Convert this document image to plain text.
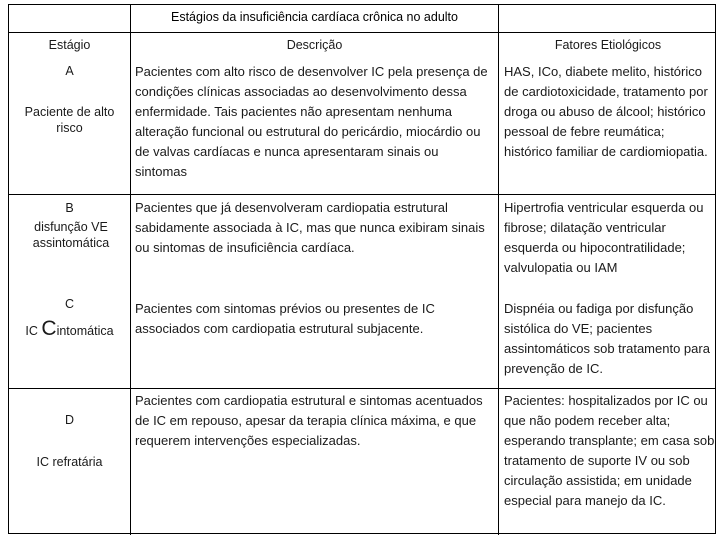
Estágios da insuficiência cardíaca crônica no adulto
Estágio	Descrição	Fatores Etiológicos
A
Paciente de alto risco
Pacientes com alto risco de desenvolver IC pela presença de condições clínicas associadas ao desenvolvimento dessa enfermidade. Tais pacientes não apresentam nenhuma alteração funcional ou estrutural do pericárdio, miocárdio ou de valvas cardíacas e nunca apresentaram sinais ou sintomas
HAS, ICo, diabete melito, histórico de cardiotoxicidade, tratamento por droga ou abuso de álcool; histórico pessoal de febre reumática; histórico familiar de cardiomiopatia.
B
disfunção VE assintomática
Pacientes que já desenvolveram cardiopatia estrutural sabidamente associada à IC, mas que nunca exibiram sinais ou sintomas de insuficiência cardíaca.
Hipertrofia ventricular esquerda ou fibrose; dilatação ventricular esquerda ou hipocontratilidade; valvulopatia ou IAM
C
IC Cintomática
Pacientes com sintomas prévios ou presentes de IC associados com cardiopatia estrutural subjacente.
Dispnéia ou fadiga por disfunção sistólica do VE; pacientes assintomáticos sob tratamento para prevenção de IC.
D
IC refratária
Pacientes com cardiopatia estrutural e sintomas acentuados de IC em repouso, apesar da terapia clínica máxima, e que requerem intervenções especializadas.
Pacientes: hospitalizados por IC ou que não podem receber alta; esperando transplante; em casa sob tratamento de suporte IV ou sob circulação assistida; em unidade especial para manejo da IC.
